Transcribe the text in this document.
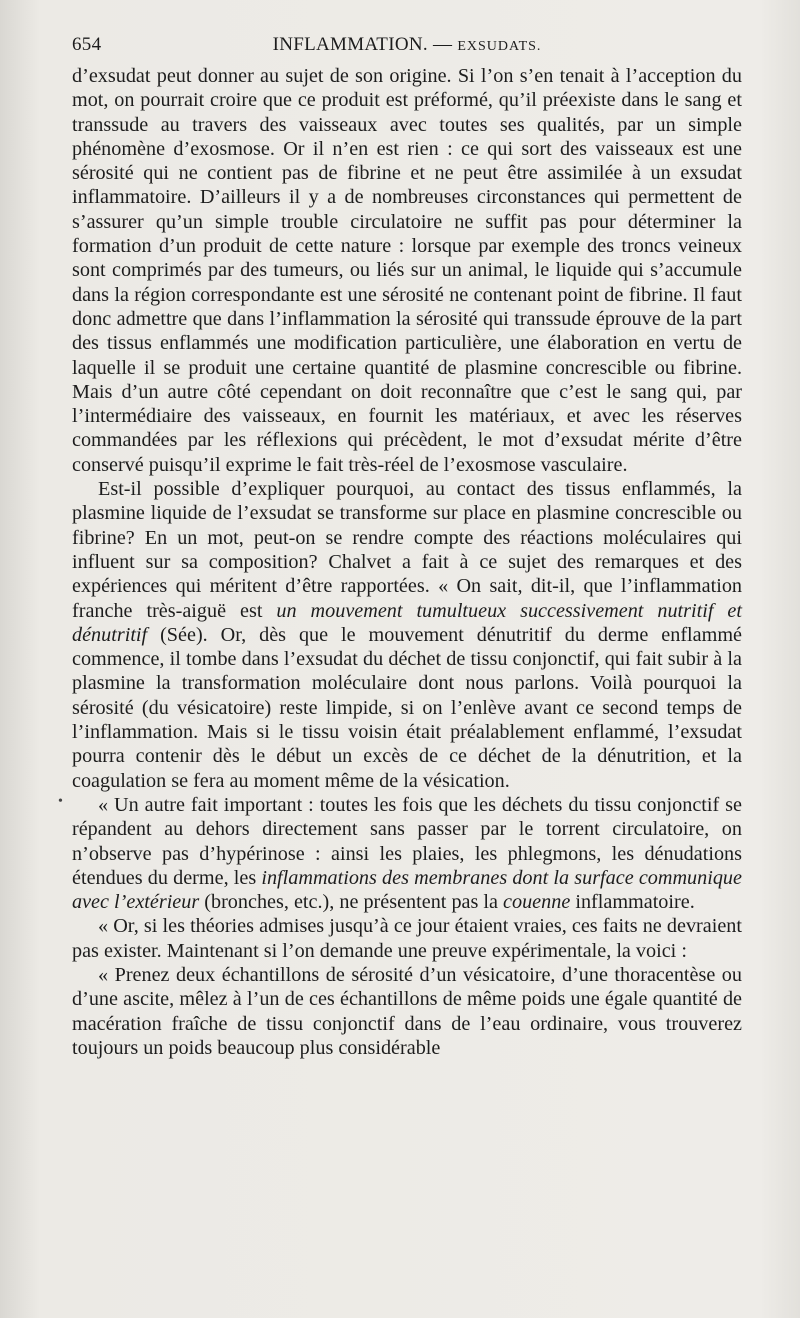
654	INFLAMMATION. — EXSUDATS.

d’exsudat peut donner au sujet de son origine. Si l’on s’en tenait à l’acception du mot, on pourrait croire que ce produit est préformé, qu’il préexiste dans le sang et transsude au travers des vaisseaux avec toutes ses qualités, par un simple phénomène d’exosmose. Or il n’en est rien : ce qui sort des vaisseaux est une sérosité qui ne contient pas de fibrine et ne peut être assimilée à un exsudat inflammatoire. D’ailleurs il y a de nombreuses circonstances qui permettent de s’assurer qu’un simple trouble circulatoire ne suffit pas pour déterminer la formation d’un produit de cette nature : lorsque par exemple des troncs veineux sont comprimés par des tumeurs, ou liés sur un animal, le liquide qui s’accumule dans la région correspondante est une sérosité ne contenant point de fibrine. Il faut donc admettre que dans l’inflammation la sérosité qui transsude éprouve de la part des tissus enflammés une modification particulière, une élaboration en vertu de laquelle il se produit une certaine quantité de plasmine concrescible ou fibrine. Mais d’un autre côté cependant on doit reconnaître que c’est le sang qui, par l’intermédiaire des vaisseaux, en fournit les matériaux, et avec les réserves commandées par les réflexions qui précèdent, le mot d’exsudat mérite d’être conservé puisqu’il exprime le fait très-réel de l’exosmose vasculaire.

Est-il possible d’expliquer pourquoi, au contact des tissus enflammés, la plasmine liquide de l’exsudat se transforme sur place en plasmine concrescible ou fibrine? En un mot, peut-on se rendre compte des réactions moléculaires qui influent sur sa composition? Chalvet a fait à ce sujet des remarques et des expériences qui méritent d’être rapportées. « On sait, dit-il, que l’inflammation franche très-aiguë est un mouvement tumultueux successivement nutritif et dénutritif (Sée). Or, dès que le mouvement dénutritif du derme enflammé commence, il tombe dans l’exsudat du déchet de tissu conjonctif, qui fait subir à la plasmine la transformation moléculaire dont nous parlons. Voilà pourquoi la sérosité (du vésicatoire) reste limpide, si on l’enlève avant ce second temps de l’inflammation. Mais si le tissu voisin était préalablement enflammé, l’exsudat pourra contenir dès le début un excès de ce déchet de la dénutrition, et la coagulation se fera au moment même de la vésication.

« Un autre fait important : toutes les fois que les déchets du tissu conjonctif se répandent au dehors directement sans passer par le torrent circulatoire, on n’observe pas d’hypérinose : ainsi les plaies, les phlegmons, les dénudations étendues du derme, les inflammations des membranes dont la surface communique avec l’extérieur (bronches, etc.), ne présentent pas la couenne inflammatoire.

« Or, si les théories admises jusqu’à ce jour étaient vraies, ces faits ne devraient pas exister. Maintenant si l’on demande une preuve expérimentale, la voici :

« Prenez deux échantillons de sérosité d’un vésicatoire, d’une thoracentèse ou d’une ascite, mêlez à l’un de ces échantillons de même poids une égale quantité de macération fraîche de tissu conjonctif dans de l’eau ordinaire, vous trouverez toujours un poids beaucoup plus considérable

•
